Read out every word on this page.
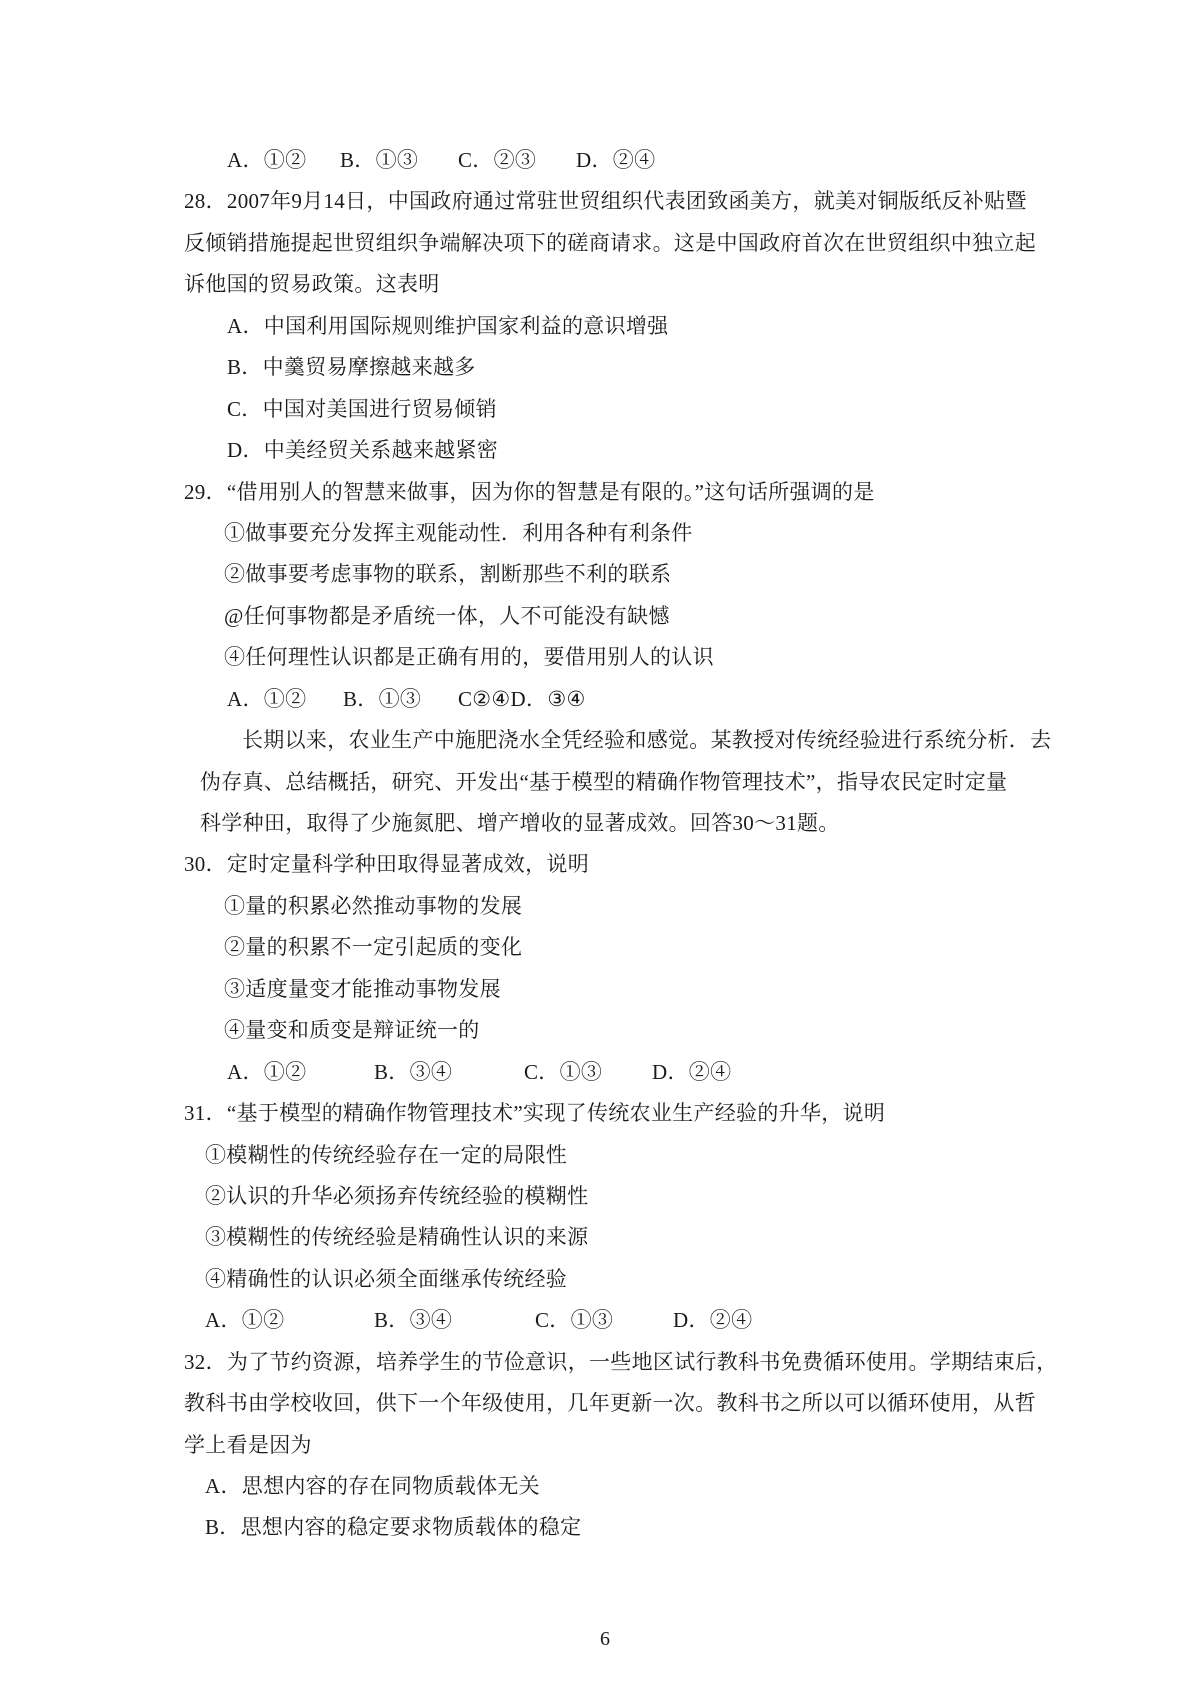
A．①② B．①③ C．②③ D．②④
28．2007年9月14日，中国政府通过常驻世贸组织代表团致函美方，就美对铜版纸反补贴暨
反倾销措施提起世贸组织争端解决项下的磋商请求。这是中国政府首次在世贸组织中独立起
诉他国的贸易政策。这表明
A．中国利用国际规则维护国家利益的意识增强
B．中羹贸易摩擦越来越多
C．中国对美国进行贸易倾销
D．中美经贸关系越来越紧密
29．“借用别人的智慧来做事，因为你的智慧是有限的。”这句话所强调的是
①做事要充分发挥主观能动性．利用各种有利条件
②做事要考虑事物的联系，割断那些不利的联系
@任何事物都是矛盾统一体，人不可能没有缺憾
④任何理性认识都是正确有用的，要借用别人的认识
A．①② B．①③ C②④D．③④
长期以来，农业生产中施肥浇水全凭经验和感觉。某教授对传统经验进行系统分析．去
伪存真、总结概括，研究、开发出“基于模型的精确作物管理技术”，指导农民定时定量
科学种田，取得了少施氮肥、增产增收的显著成效。回答30～31题。
30．定时定量科学种田取得显著成效，说明
①量的积累必然推动事物的发展
②量的积累不一定引起质的变化
③适度量变才能推动事物发展
④量变和质变是辩证统一的
A．①②	B．③④	C．①③ D．②④
31．“基于模型的精确作物管理技术”实现了传统农业生产经验的升华，说明
①模糊性的传统经验存在一定的局限性
②认识的升华必须扬弃传统经验的模糊性
③模糊性的传统经验是精确性认识的来源
④精确性的认识必须全面继承传统经验
A．①②	B．③④	C．①③	D．②④
32．为了节约资源，培养学生的节俭意识，一些地区试行教科书免费循环使用。学期结束后，
教科书由学校收回，供下一个年级使用，几年更新一次。教科书之所以可以循环使用，从哲
学上看是因为
A．思想内容的存在同物质载体无关
B．思想内容的稳定要求物质载体的稳定
6
